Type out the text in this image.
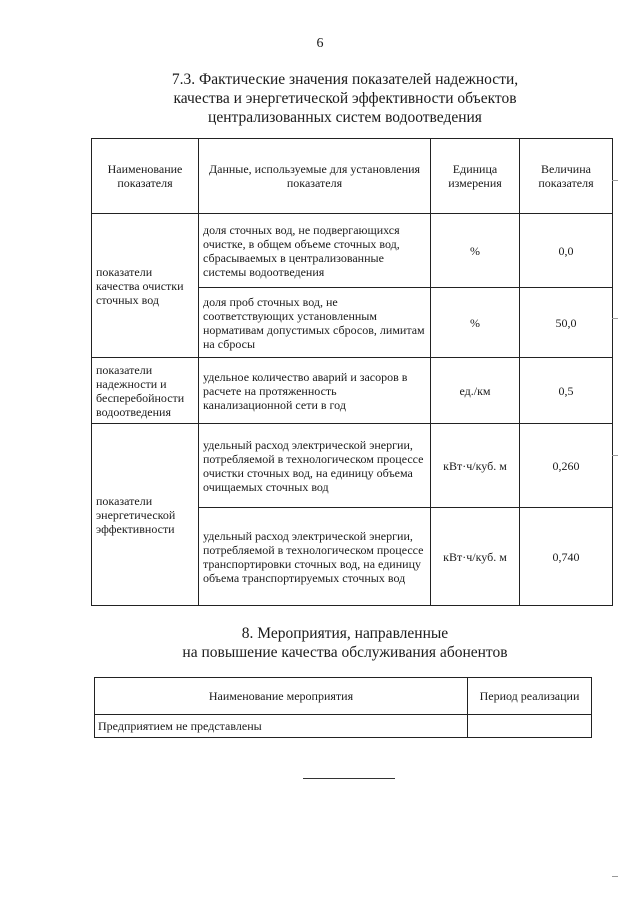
6
7.3. Фактические значения показателей надежности,
качества и энергетической эффективности объектов
централизованных систем водоотведения
Наименование показателя	Данные, используемые для установления показателя	Единица измерения	Величина показателя
показатели качества очистки сточных вод	доля сточных вод, не подвергающихся очистке, в общем объеме сточных вод, сбрасываемых в централизованные системы водоотведения	%	0,0
	доля проб сточных вод, не соответствующих установленным нормативам допустимых сбросов, лимитам на сбросы	%	50,0
показатели надежности и бесперебойности водоотведения	удельное количество аварий и засоров в расчете на протяженность канализационной сети в год	ед./км	0,5
показатели энергетической эффективности	удельный расход электрической энергии, потребляемой в технологическом процессе очистки сточных вод, на единицу объема очищаемых сточных вод	кВт·ч/куб. м	0,260
	удельный расход электрической энергии, потребляемой в технологическом процессе транспортировки сточных вод, на единицу объема транспортируемых сточных вод	кВт·ч/куб. м	0,740
8. Мероприятия, направленные
на повышение качества обслуживания абонентов
Наименование мероприятия	Период реализации
Предприятием не представлены	
